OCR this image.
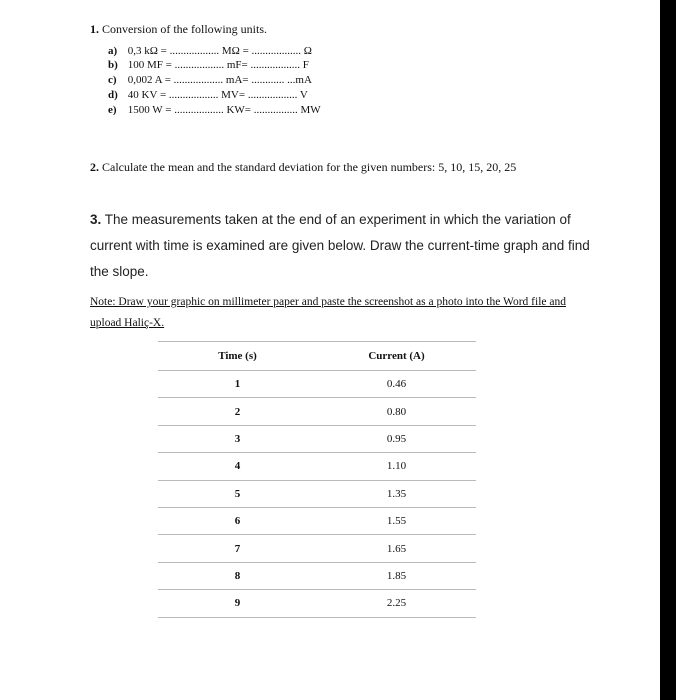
1. Conversion of the following units.
a) 0,3 kΩ = .................. MΩ = .................. Ω
b) 100 MF = .................. mF= .................. F
c) 0,002 A = .................. mA= ............ ...mA
d) 40 KV = .................. MV= .................. V
e) 1500 W = .................. KW= ................ MW
2. Calculate the mean and the standard deviation for the given numbers: 5, 10, 15, 20, 25
3. The measurements taken at the end of an experiment in which the variation of current with time is examined are given below. Draw the current-time graph and find the slope.
Note: Draw your graphic on millimeter paper and paste the screenshot as a photo into the Word file and upload Haliç-X.
Time (s)	Current (A)
1	0.46
2	0.80
3	0.95
4	1.10
5	1.35
6	1.55
7	1.65
8	1.85
9	2.25
